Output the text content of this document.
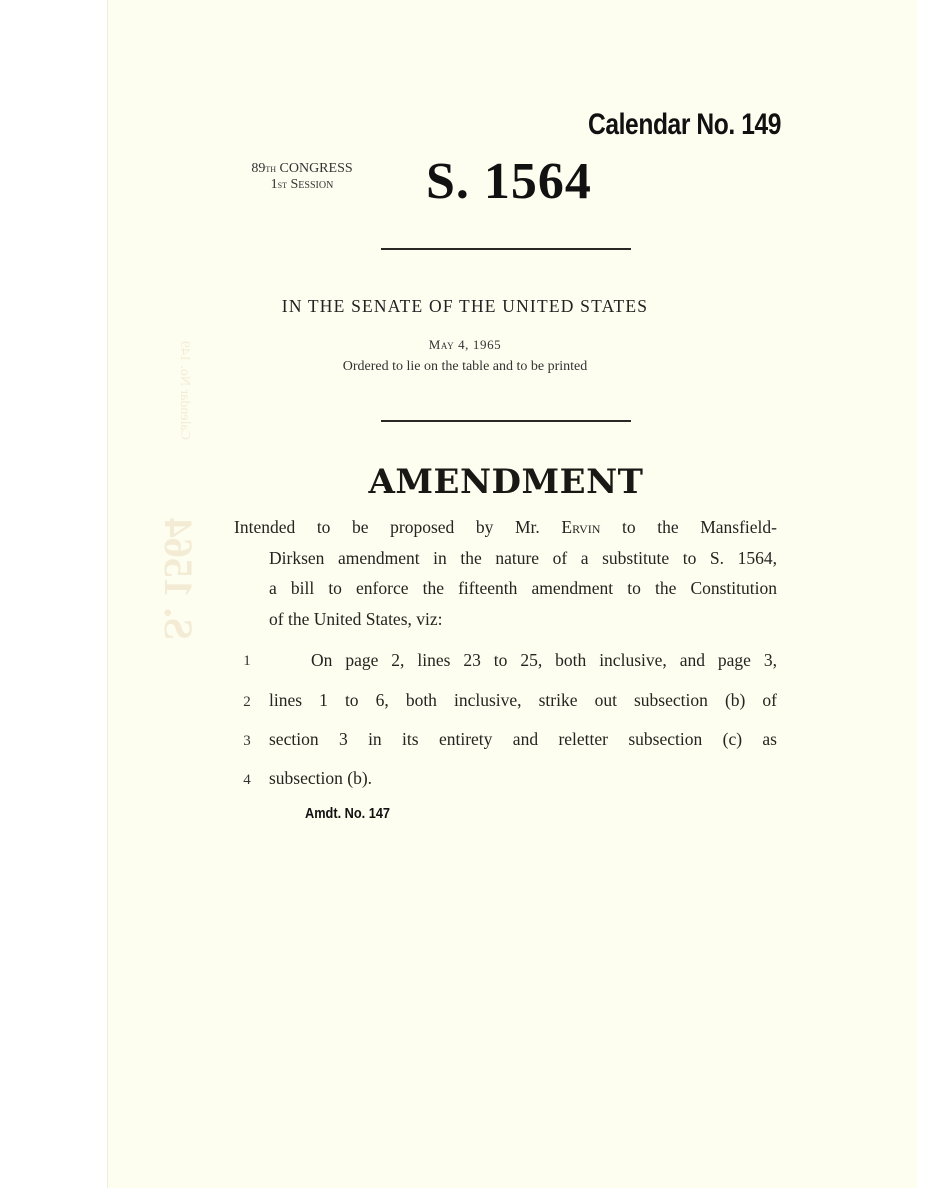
Calendar No. 149
89th CONGRESS
1st Session	S. 1564
IN THE SENATE OF THE UNITED STATES
May 4, 1965
Ordered to lie on the table and to be printed
AMENDMENT
Intended to be proposed by Mr. Ervin to the Mansfield-
Dirksen amendment in the nature of a substitute to S. 1564,
a bill to enforce the fifteenth amendment to the Constitution
of the United States, viz:
1	On page 2, lines 23 to 25, both inclusive, and page 3,
2 lines 1 to 6, both inclusive, strike out subsection (b) of
3 section 3 in its entirety and reletter subsection (c) as
4 subsection (b).
Amdt. No. 147
